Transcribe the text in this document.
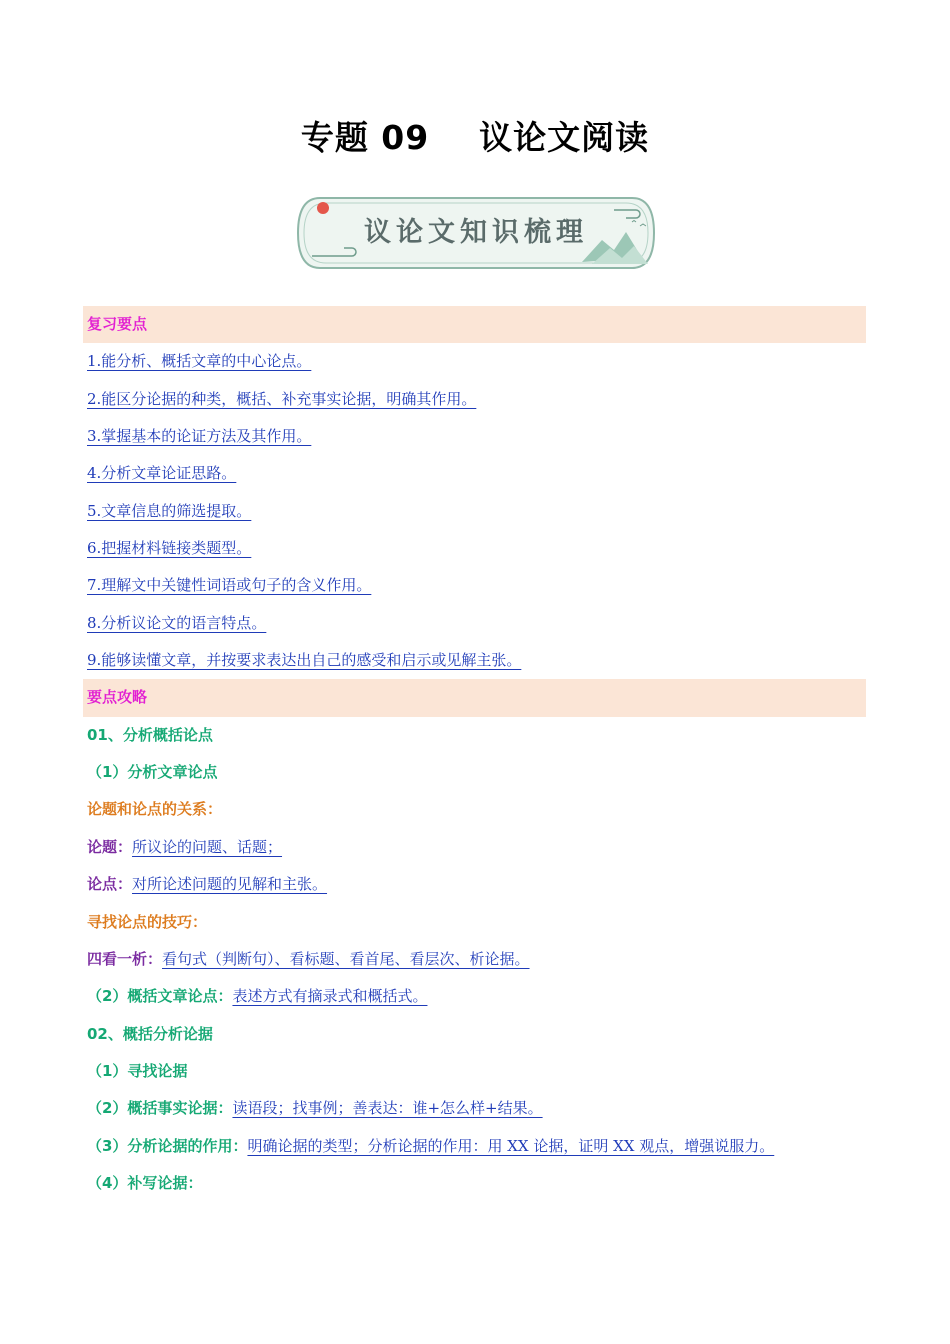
专题 09    议论文阅读
议论文知识梳理
复习要点
1.能分析、概括文章的中心论点。
2.能区分论据的种类，概括、补充事实论据，明确其作用。
3.掌握基本的论证方法及其作用。
4.分析文章论证思路。
5.文章信息的筛选提取。
6.把握材料链接类题型。
7.理解文中关键性词语或句子的含义作用。
8.分析议论文的语言特点。
9.能够读懂文章，并按要求表达出自己的感受和启示或见解主张。
要点攻略
01、分析概括论点
（1）分析文章论点
论题和论点的关系：
论题：所议论的问题、话题；
论点：对所论述问题的见解和主张。
寻找论点的技巧：
四看一析：看句式（判断句）、看标题、看首尾、看层次、析论据。
（2）概括文章论点：表述方式有摘录式和概括式。
02、概括分析论据
（1）寻找论据
（2）概括事实论据：读语段；找事例；善表达：谁+怎么样+结果。
（3）分析论据的作用：明确论据的类型；分析论据的作用：用 XX 论据，证明 XX 观点，增强说服力。
（4）补写论据：
